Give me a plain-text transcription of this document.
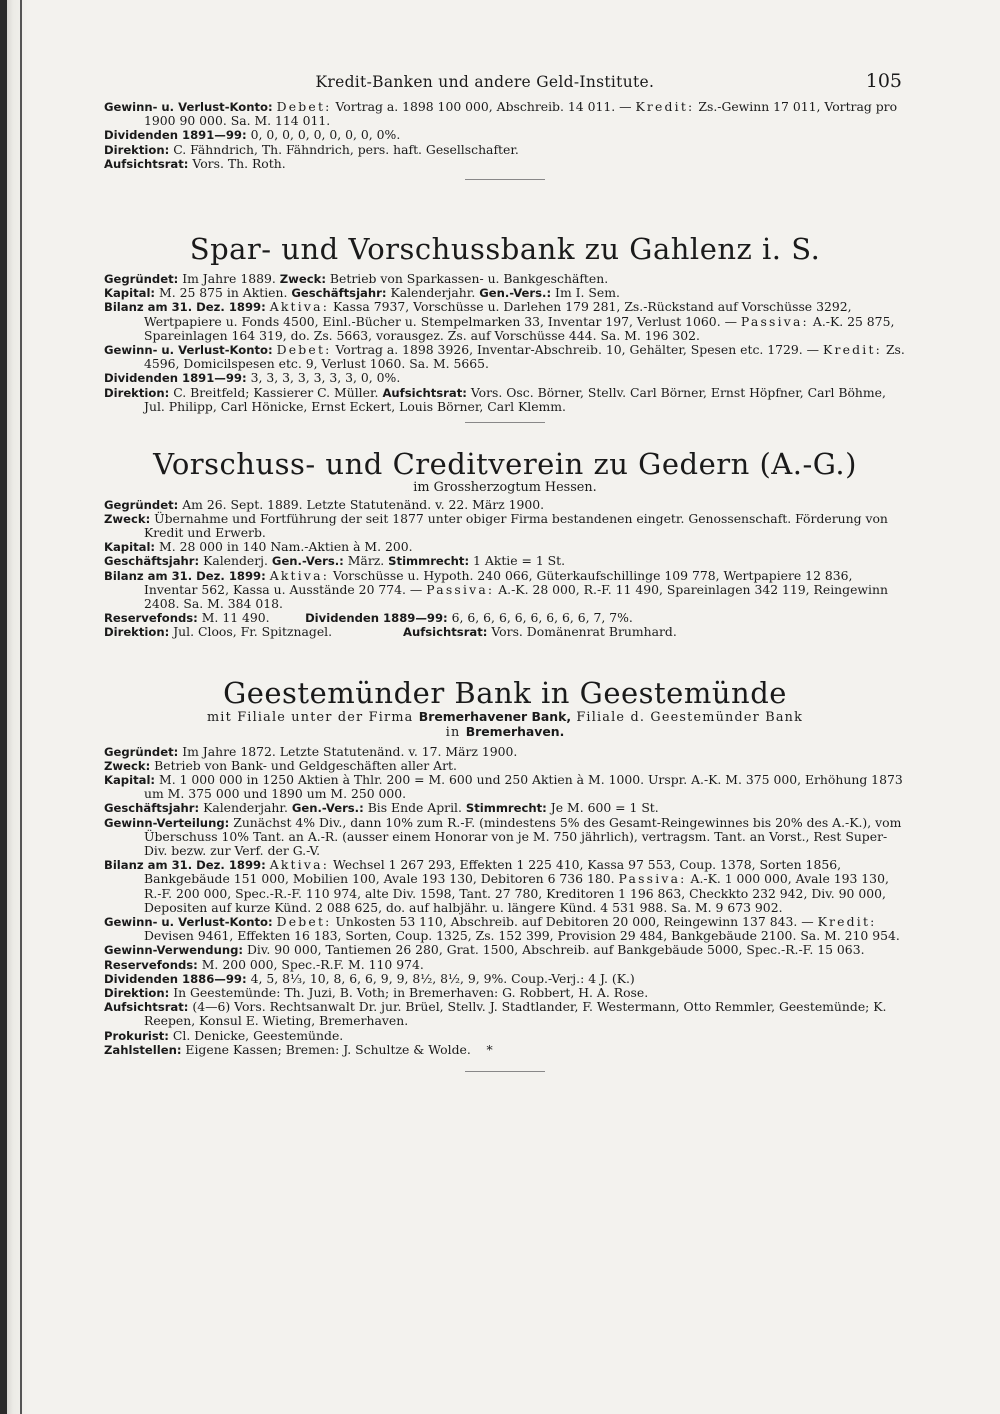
Kredit-Banken und andere Geld-Institute.	105

Gewinn- u. Verlust-Konto: Debet: Vortrag a. 1898 100 000, Abschreib. 14 011. — Kredit: Zs.-Gewinn 17 011, Vortrag pro 1900 90 000. Sa. M. 114 011.

Dividenden 1891—99: 0, 0, 0, 0, 0, 0, 0, 0, 0%.

Direktion: C. Fähndrich, Th. Fähndrich, pers. haft. Gesellschafter.

Aufsichtsrat: Vors. Th. Roth.

Spar- und Vorschussbank zu Gahlenz i. S.

Gegründet: Im Jahre 1889. Zweck: Betrieb von Sparkassen- u. Bankgeschäften.

Kapital: M. 25 875 in Aktien. Geschäftsjahr: Kalenderjahr. Gen.-Vers.: Im I. Sem.

Bilanz am 31. Dez. 1899: Aktiva: Kassa 7937, Vorschüsse u. Darlehen 179 281, Zs.-Rückstand auf Vorschüsse 3292, Wertpapiere u. Fonds 4500, Einl.-Bücher u. Stempelmarken 33, Inventar 197, Verlust 1060. — Passiva: A.-K. 25 875, Spareinlagen 164 319, do. Zs. 5663, vorausgez. Zs. auf Vorschüsse 444. Sa. M. 196 302.

Gewinn- u. Verlust-Konto: Debet: Vortrag a. 1898 3926, Inventar-Abschreib. 10, Gehälter, Spesen etc. 1729. — Kredit: Zs. 4596, Domicilspesen etc. 9, Verlust 1060. Sa. M. 5665.

Dividenden 1891—99: 3, 3, 3, 3, 3, 3, 3, 0, 0%.

Direktion: C. Breitfeld; Kassierer C. Müller. Aufsichtsrat: Vors. Osc. Börner, Stellv. Carl Börner, Ernst Höpfner, Carl Böhme, Jul. Philipp, Carl Hönicke, Ernst Eckert, Louis Börner, Carl Klemm.

Vorschuss- und Creditverein zu Gedern (A.-G.)
im Grossherzogtum Hessen.

Gegründet: Am 26. Sept. 1889. Letzte Statutenänd. v. 22. März 1900.

Zweck: Übernahme und Fortführung der seit 1877 unter obiger Firma bestandenen eingetr. Genossenschaft. Förderung von Kredit und Erwerb.

Kapital: M. 28 000 in 140 Nam.-Aktien à M. 200.

Geschäftsjahr: Kalenderj. Gen.-Vers.: März. Stimmrecht: 1 Aktie = 1 St.

Bilanz am 31. Dez. 1899: Aktiva: Vorschüsse u. Hypoth. 240 066, Güterkaufschillinge 109 778, Wertpapiere 12 836, Inventar 562, Kassa u. Ausstände 20 774. — Passiva: A.-K. 28 000, R.-F. 11 490, Spareinlagen 342 119, Reingewinn 2408. Sa. M. 384 018.

Reservefonds: M. 11 490.	Dividenden 1889—99: 6, 6, 6, 6, 6, 6, 6, 6, 6, 7, 7%.

Direktion: Jul. Cloos, Fr. Spitznagel.	Aufsichtsrat: Vors. Domänenrat Brumhard.

Geestemünder Bank in Geestemünde
mit Filiale unter der Firma Bremerhavener Bank, Filiale d. Geestemünder Bank
in Bremerhaven.

Gegründet: Im Jahre 1872. Letzte Statutenänd. v. 17. März 1900.

Zweck: Betrieb von Bank- und Geldgeschäften aller Art.

Kapital: M. 1 000 000 in 1250 Aktien à Thlr. 200 = M. 600 und 250 Aktien à M. 1000. Urspr. A.-K. M. 375 000, Erhöhung 1873 um M. 375 000 und 1890 um M. 250 000.

Geschäftsjahr: Kalenderjahr. Gen.-Vers.: Bis Ende April. Stimmrecht: Je M. 600 = 1 St.

Gewinn-Verteilung: Zunächst 4% Div., dann 10% zum R.-F. (mindestens 5% des Gesamt-Reingewinnes bis 20% des A.-K.), vom Überschuss 10% Tant. an A.-R. (ausser einem Honorar von je M. 750 jährlich), vertragsm. Tant. an Vorst., Rest Super-Div. bezw. zur Verf. der G.-V.

Bilanz am 31. Dez. 1899: Aktiva: Wechsel 1 267 293, Effekten 1 225 410, Kassa 97 553, Coup. 1378, Sorten 1856, Bankgebäude 151 000, Mobilien 100, Avale 193 130, Debitoren 6 736 180. Passiva: A.-K. 1 000 000, Avale 193 130, R.-F. 200 000, Spec.-R.-F. 110 974, alte Div. 1598, Tant. 27 780, Kreditoren 1 196 863, Checkkto 232 942, Div. 90 000, Depositen auf kurze Künd. 2 088 625, do. auf halbjähr. u. längere Künd. 4 531 988. Sa. M. 9 673 902.

Gewinn- u. Verlust-Konto: Debet: Unkosten 53 110, Abschreib. auf Debitoren 20 000, Reingewinn 137 843. — Kredit: Devisen 9461, Effekten 16 183, Sorten, Coup. 1325, Zs. 152 399, Provision 29 484, Bankgebäude 2100. Sa. M. 210 954.

Gewinn-Verwendung: Div. 90 000, Tantiemen 26 280, Grat. 1500, Abschreib. auf Bankgebäude 5000, Spec.-R.-F. 15 063.

Reservefonds: M. 200 000, Spec.-R.F. M. 110 974.

Dividenden 1886—99: 4, 5, 8⅓, 10, 8, 6, 6, 9, 9, 8½, 8½, 9, 9%. Coup.-Verj.: 4 J. (K.)

Direktion: In Geestemünde: Th. Juzi, B. Voth; in Bremerhaven: G. Robbert, H. A. Rose.

Aufsichtsrat: (4—6) Vors. Rechtsanwalt Dr. jur. Brüel, Stellv. J. Stadtlander, F. Westermann, Otto Remmler, Geestemünde; K. Reepen, Konsul E. Wieting, Bremerhaven.

Prokurist: Cl. Denicke, Geestemünde.

Zahlstellen: Eigene Kassen; Bremen: J. Schultze & Wolde. *
